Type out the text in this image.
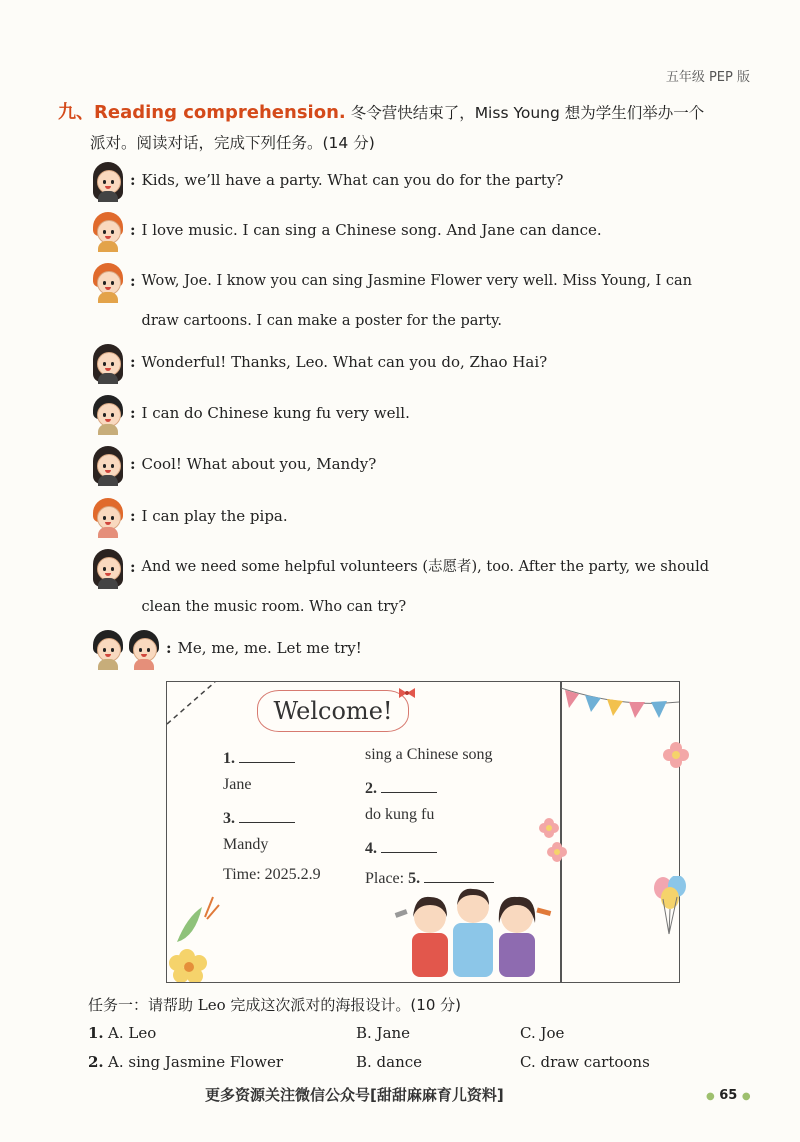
五年级 PEP 版
九、Reading comprehension. 冬令营快结束了，Miss Young 想为学生们举办一个
派对。阅读对话，完成下列任务。(14 分)
: Kids, we’ll have a party. What can you do for the party?
: I love music. I can sing a Chinese song. And Jane can dance.
: Wow, Joe. I know you can sing Jasmine Flower very well. Miss Young, I can
draw cartoons. I can make a poster for the party.
: Wonderful! Thanks, Leo. What can you do, Zhao Hai?
: I can do Chinese kung fu very well.
: Cool! What about you, Mandy?
: I can play the pipa.
: And we need some helpful volunteers (志愿者), too. After the party, we should
clean the music room. Who can try?
: Me, me, me. Let me try!
Welcome!
1.	sing a Chinese song
Jane	2.
3.	do kung fu
Mandy	4.
Time: 2025.2.9	Place: 5.
任务一：请帮助 Leo 完成这次派对的海报设计。(10 分)
1. A. Leo	B. Jane	C. Joe
2. A. sing Jasmine Flower	B. dance	C. draw cartoons
更多资源关注微信公众号[甜甜麻麻育儿资料]	● 65 ●
